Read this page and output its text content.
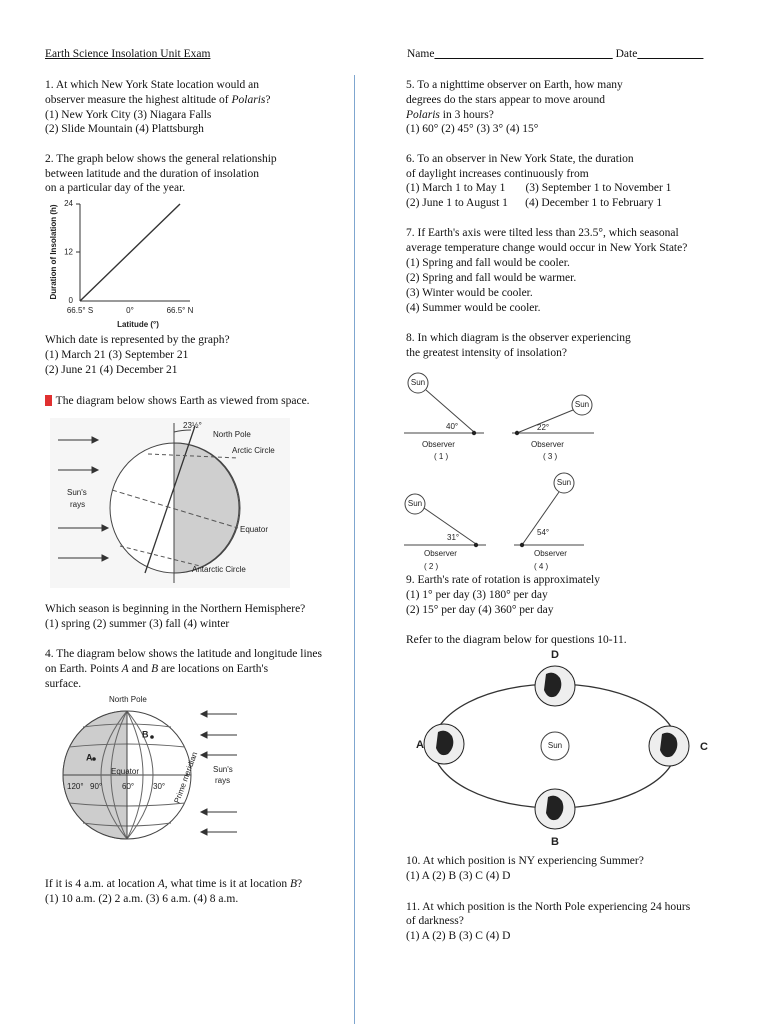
Earth Science Insolation Unit Exam	Name	Date
1. At which New York State location would an
observer measure the highest altitude of Polaris?
(1) New York City (3) Niagara Falls
(2) Slide Mountain (4) Plattsburgh
2. The graph below shows the general relationship
between latitude and the duration of insolation
on a particular day of the year.
0
12
24
66.5° S	0°	66.5° N
Latitude (°)
Duration of Insolation (h)
Which date is represented by the graph?
(1) March 21 (3) September 21
(2) June 21 (4) December 21
3 The diagram below shows Earth as viewed from space.
23½°
North Pole
Arctic Circle
Sun's
rays
Equator
Antarctic Circle
Which season is beginning in the Northern Hemisphere?
(1) spring (2) summer (3) fall (4) winter
4. The diagram below shows the latitude and longitude lines
on Earth. Points A and B are locations on Earth's
surface.
North Pole
A
B
Equator
120° 90° 60° 30° Prime meridian Sun's
rays
If it is 4 a.m. at location A, what time is it at location B?
(1) 10 a.m. (2) 2 a.m. (3) 6 a.m. (4) 8 a.m.
5. To a nighttime observer on Earth, how many
degrees do the stars appear to move around
Polaris in 3 hours?
(1) 60° (2) 45° (3) 3° (4) 15°
6. To an observer in New York State, the duration
of daylight increases continuously from
(1) March 1 to May 1       (3) September 1 to November 1
(2) June 1 to August 1      (4) December 1 to February 1
7. If Earth's axis were tilted less than 23.5°, which seasonal
average temperature change would occur in New York State?
(1) Spring and fall would be cooler.
(2) Spring and fall would be warmer.
(3) Winter would be cooler.
(4) Summer would be cooler.
8. In which diagram is the observer experiencing
the greatest intensity of insolation?
Sun
40°
Observer
( 1 )
Sun
22°
Observer
( 3 )
Sun
31°
Observer
( 2 )
Sun
54°
Observer
( 4 )
9. Earth's rate of rotation is approximately
(1) 1° per day (3) 180° per day
(2) 15° per day (4) 360° per day
Refer to the diagram below for questions 10-11.
Sun
D
A	C
B
10. At which position is NY experiencing Summer?
(1) A (2) B (3) C (4) D
11. At which position is the North Pole experiencing 24 hours
of darkness?
(1) A (2) B (3) C (4) D
